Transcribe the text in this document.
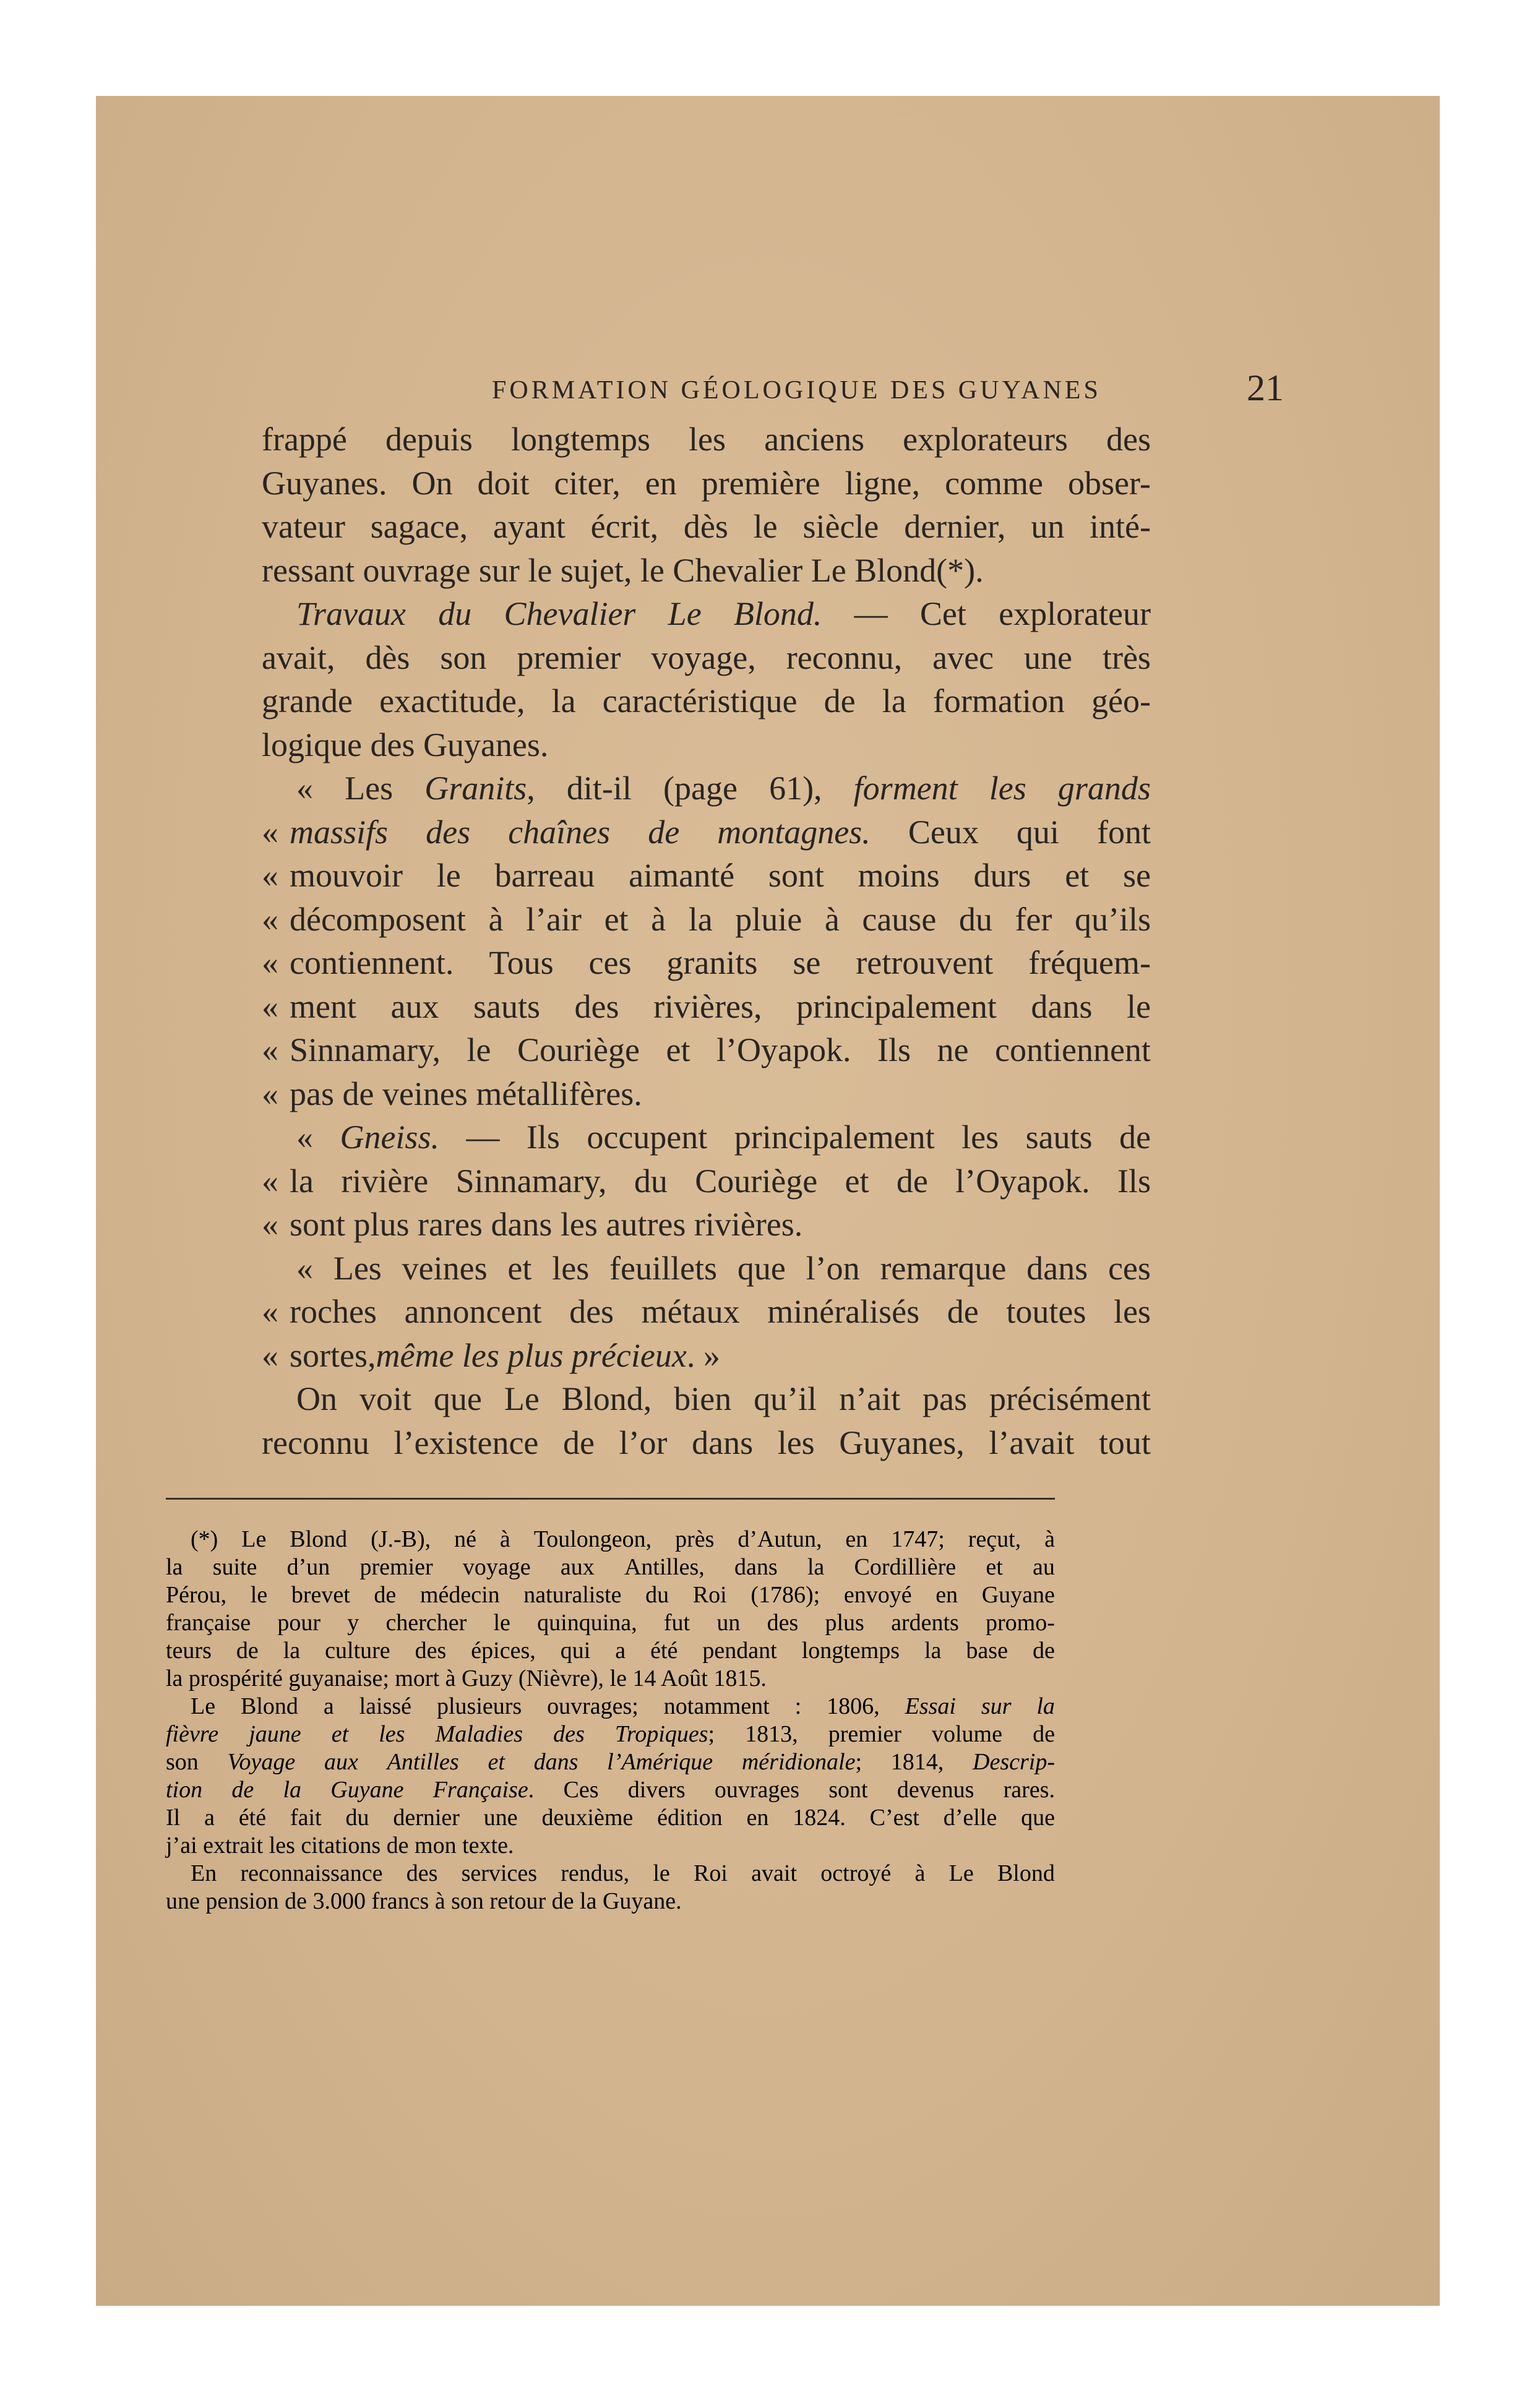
FORMATION GÉOLOGIQUE DES GUYANES	21
frappé depuis longtemps les anciens explorateurs des
Guyanes. On doit citer, en première ligne, comme obser-
vateur sagace, ayant écrit, dès le siècle dernier, un inté-
ressant ouvrage sur le sujet, le Chevalier Le Blond(*).
Travaux du Chevalier Le Blond. — Cet explorateur
avait, dès son premier voyage, reconnu, avec une très
grande exactitude, la caractéristique de la formation géo-
logique des Guyanes.
« Les Granits, dit-il (page 61), forment les grands
« massifs des chaînes de montagnes. Ceux qui font
« mouvoir le barreau aimanté sont moins durs et se
« décomposent à l’air et à la pluie à cause du fer qu’ils
« contiennent. Tous ces granits se retrouvent fréquem-
« ment aux sauts des rivières, principalement dans le
« Sinnamary, le Couriège et l’Oyapok. Ils ne contiennent
« pas de veines métallifères.
« Gneiss. — Ils occupent principalement les sauts de
« la rivière Sinnamary, du Couriège et de l’Oyapok. Ils
« sont plus rares dans les autres rivières.
« Les veines et les feuillets que l’on remarque dans ces
« roches annoncent des métaux minéralisés de toutes les
« sortes, même les plus précieux . »
On voit que Le Blond, bien qu’il n’ait pas précisément
reconnu l’existence de l’or dans les Guyanes, l’avait tout
(*) Le Blond (J.-B), né à Toulongeon, près d’Autun, en 1747; reçut, à
la suite d’un premier voyage aux Antilles, dans la Cordillière et au
Pérou, le brevet de médecin naturaliste du Roi (1786); envoyé en Guyane
française pour y chercher le quinquina, fut un des plus ardents promo-
teurs de la culture des épices, qui a été pendant longtemps la base de
la prospérité guyanaise; mort à Guzy (Nièvre), le 14 Août 1815.
Le Blond a laissé plusieurs ouvrages; notamment : 1806, Essai sur la
fièvre jaune et les Maladies des Tropiques; 1813, premier volume de
son Voyage aux Antilles et dans l’Amérique méridionale; 1814, Descrip-
tion de la Guyane Française. Ces divers ouvrages sont devenus rares.
Il a été fait du dernier une deuxième édition en 1824. C’est d’elle que
j’ai extrait les citations de mon texte.
En reconnaissance des services rendus, le Roi avait octroyé à Le Blond
une pension de 3.000 francs à son retour de la Guyane.
